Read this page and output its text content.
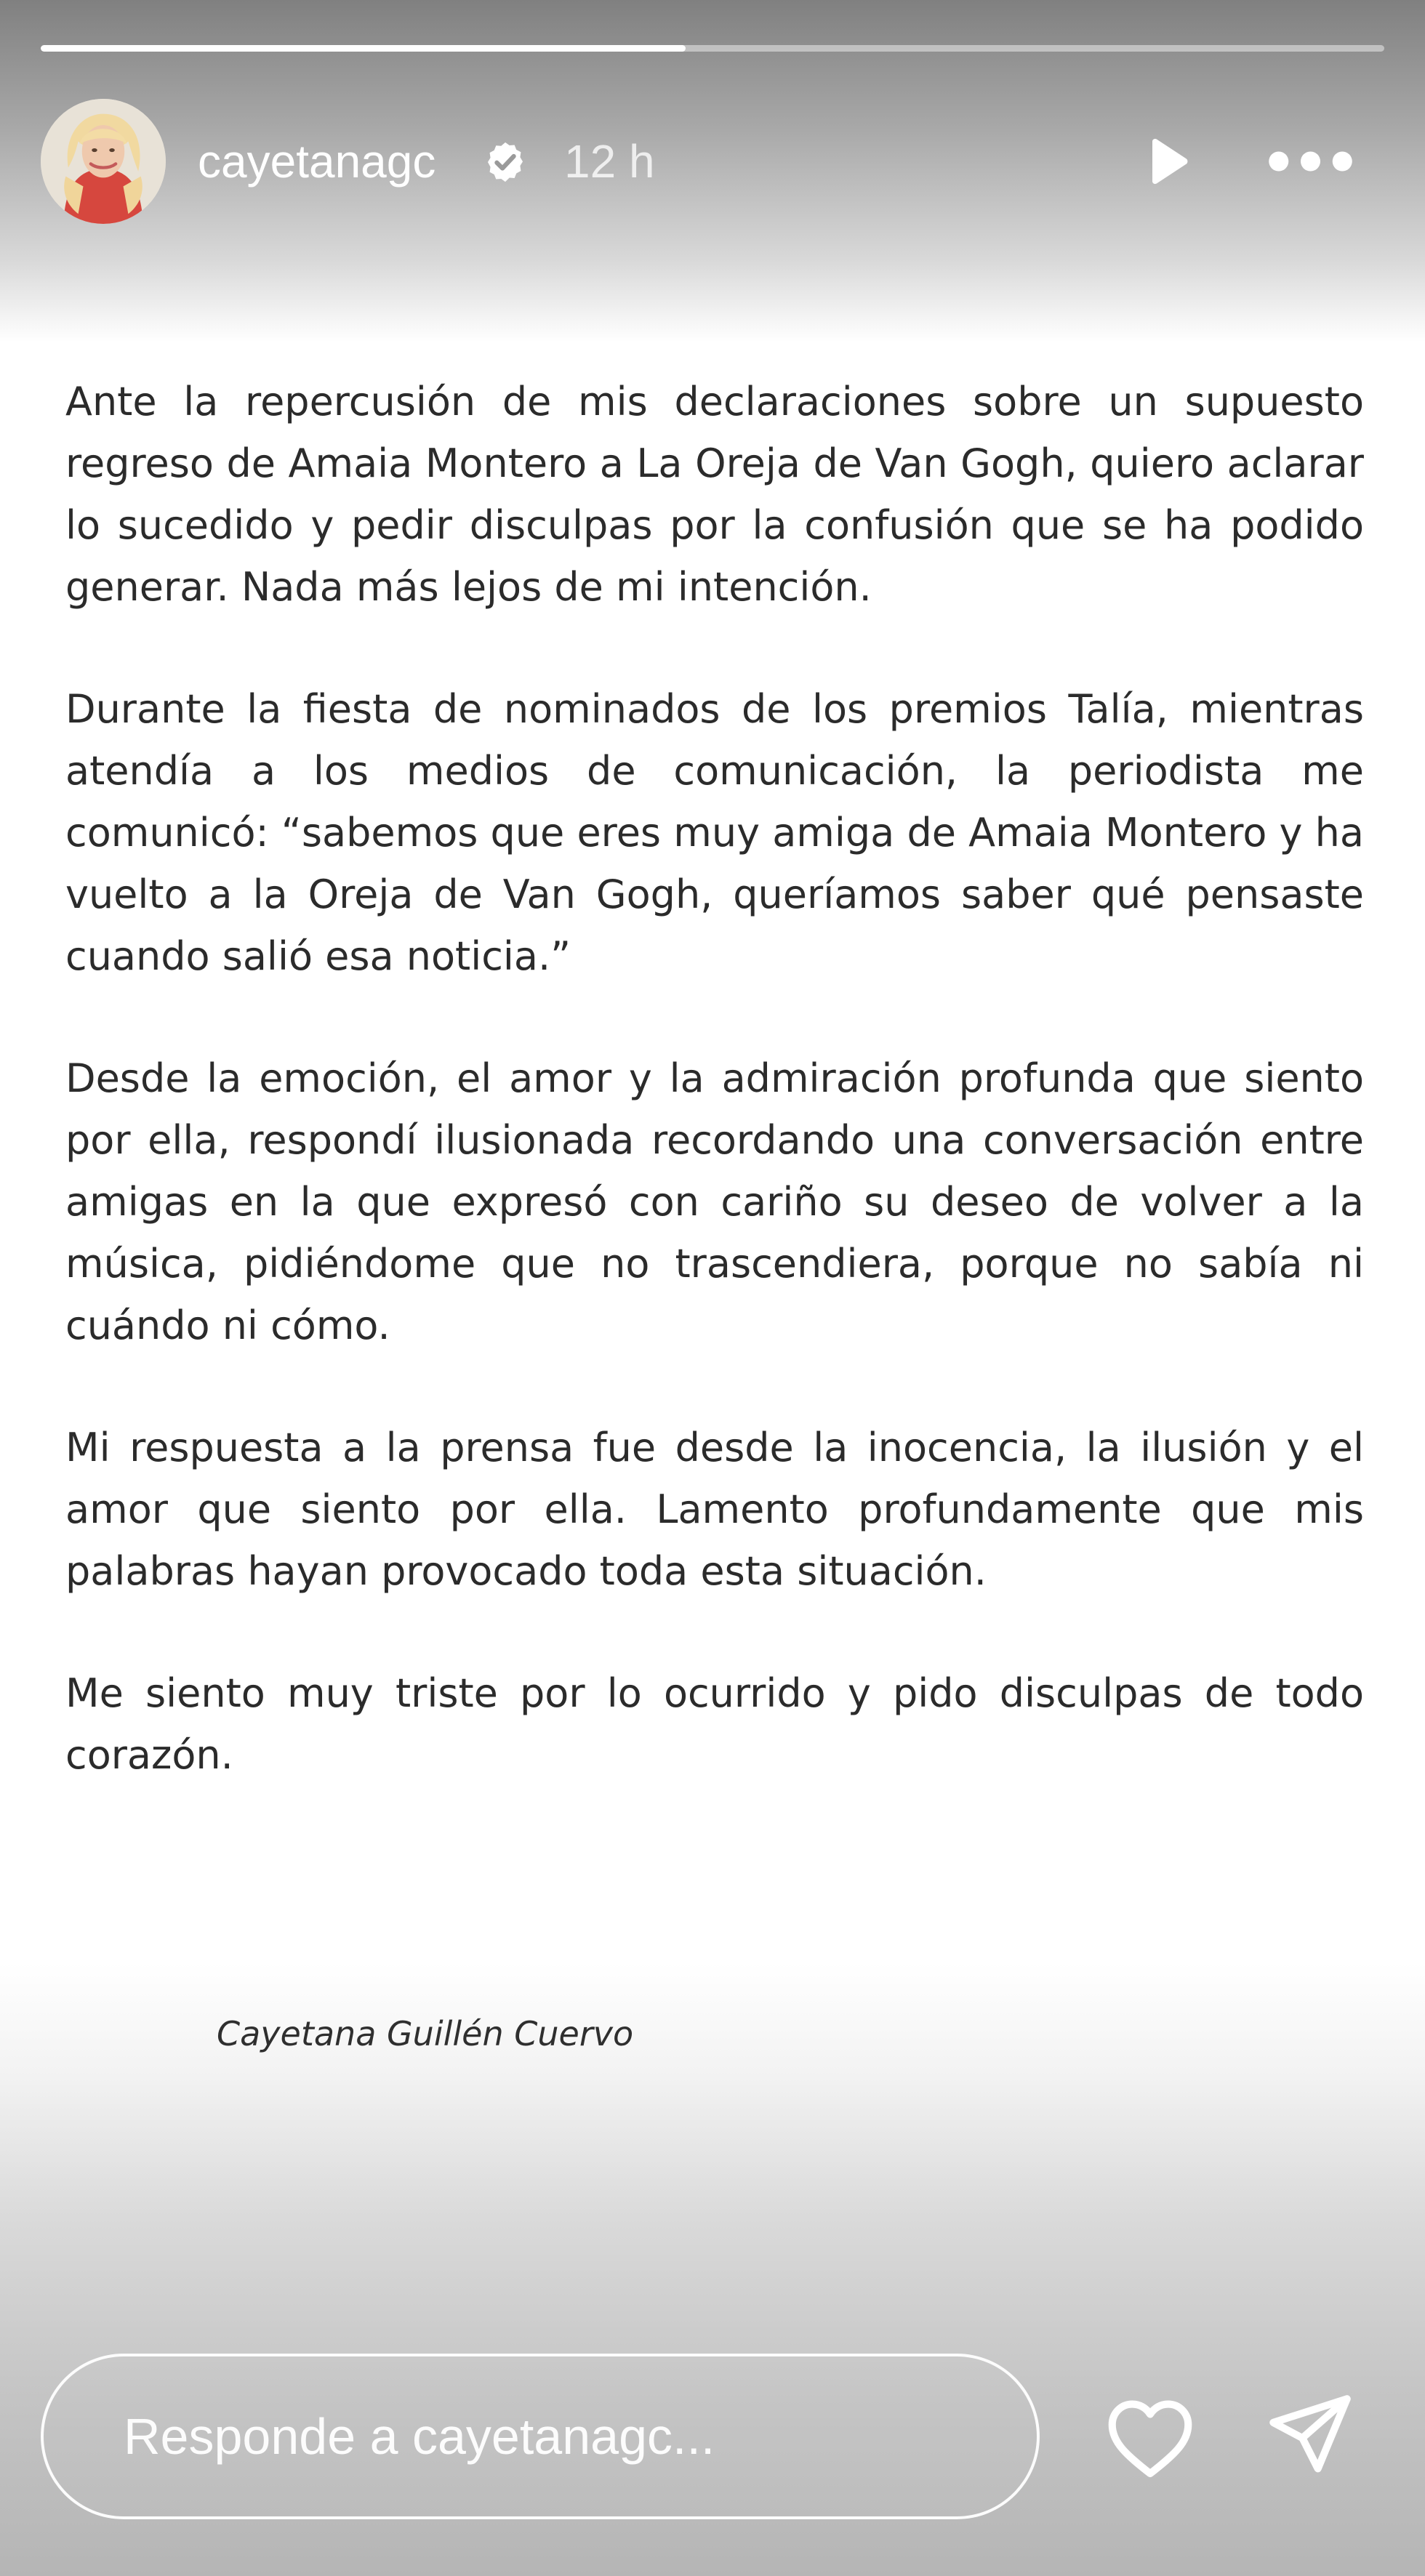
cayetanagc	12 h

Ante la repercusión de mis declaraciones sobre un supuesto regreso de Amaia Montero a La Oreja de Van Gogh, quiero aclarar lo sucedido y pedir disculpas por la confusión que se ha podido generar. Nada más lejos de mi intención.

Durante la fiesta de nominados de los premios Talía, mientras atendía a los medios de comunicación, la periodista me comunicó: “sabemos que eres muy amiga de Amaia Montero y ha vuelto a la Oreja de Van Gogh, queríamos saber qué pensaste cuando salió esa noticia.”

Desde la emoción, el amor y la admiración profunda que siento por ella, respondí ilusionada recordando una conversación entre amigas en la que expresó con cariño su deseo de volver a la música, pidiéndome que no trascendiera, porque no sabía ni cuándo ni cómo.

Mi respuesta a la prensa fue desde la inocencia, la ilusión y el amor que siento por ella. Lamento profundamente que mis palabras hayan provocado toda esta situación.

Me siento muy triste por lo ocurrido y pido disculpas de todo corazón.

Cayetana Guillén Cuervo
Responde a cayetanagc...
